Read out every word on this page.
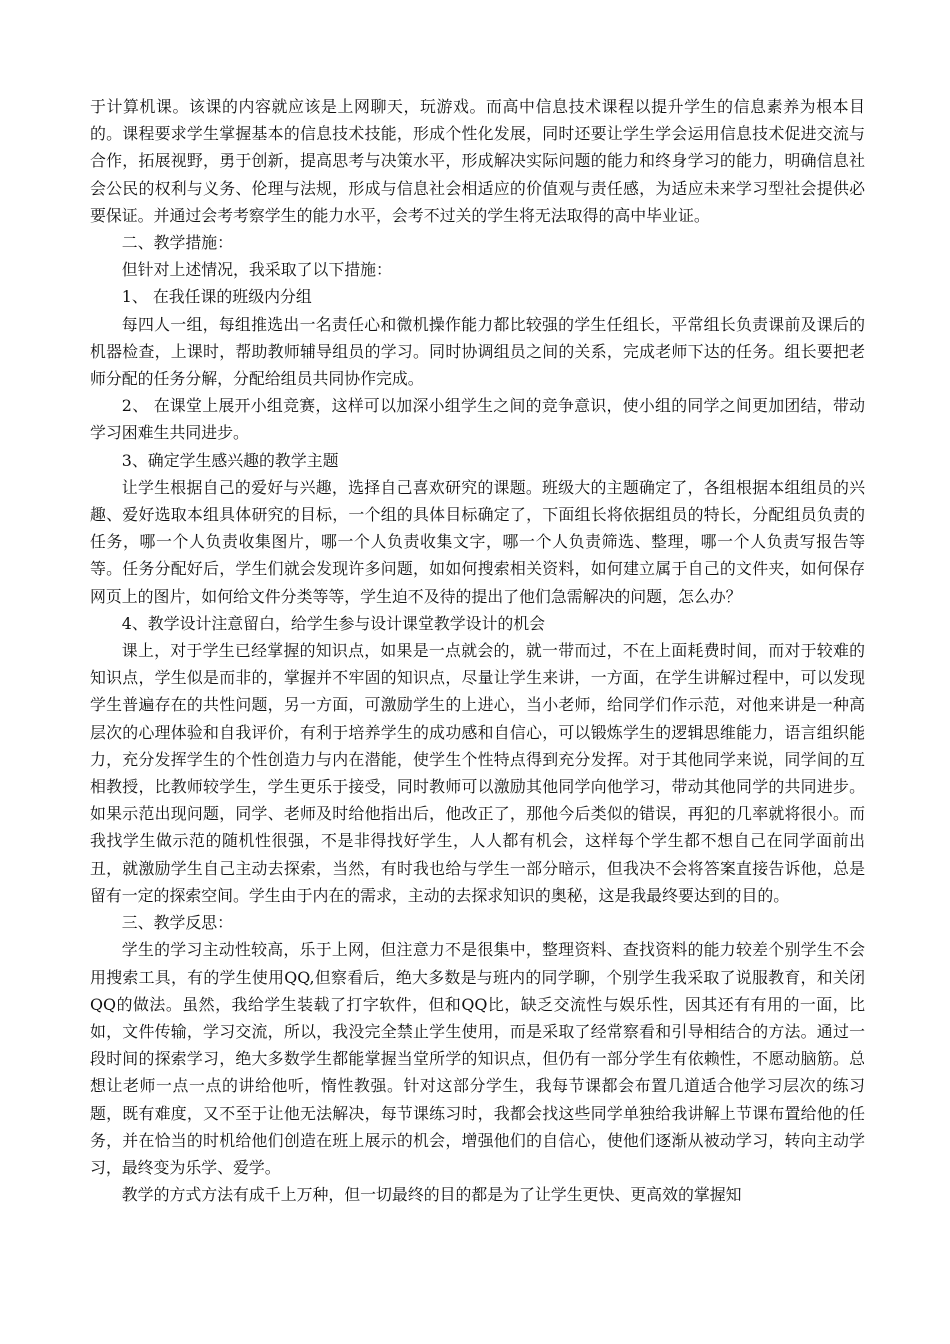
于计算机课。该课的内容就应该是上网聊天，玩游戏。而高中信息技术课程以提升学生的信息素养为根本目的。课程要求学生掌握基本的信息技术技能，形成个性化发展，同时还要让学生学会运用信息技术促进交流与合作，拓展视野，勇于创新，提高思考与决策水平，形成解决实际问题的能力和终身学习的能力，明确信息社会公民的权利与义务、伦理与法规，形成与信息社会相适应的价值观与责任感，为适应未来学习型社会提供必要保证。并通过会考考察学生的能力水平，会考不过关的学生将无法取得的高中毕业证。

二、教学措施：

但针对上述情况，我采取了以下措施：

1、 在我任课的班级内分组

每四人一组，每组推选出一名责任心和微机操作能力都比较强的学生任组长，平常组长负责课前及课后的机器检查，上课时，帮助教师辅导组员的学习。同时协调组员之间的关系，完成老师下达的任务。组长要把老师分配的任务分解，分配给组员共同协作完成。

2、 在课堂上展开小组竞赛，这样可以加深小组学生之间的竞争意识，使小组的同学之间更加团结，带动学习困难生共同进步。

3、确定学生感兴趣的教学主题

让学生根据自己的爱好与兴趣，选择自己喜欢研究的课题。班级大的主题确定了，各组根据本组组员的兴趣、爱好选取本组具体研究的目标，一个组的具体目标确定了，下面组长将依据组员的特长，分配组员负责的任务，哪一个人负责收集图片，哪一个人负责收集文字，哪一个人负责筛选、整理，哪一个人负责写报告等等。任务分配好后，学生们就会发现许多问题，如如何搜索相关资料，如何建立属于自己的文件夹，如何保存网页上的图片，如何给文件分类等等，学生迫不及待的提出了他们急需解决的问题，怎么办？

4、教学设计注意留白，给学生参与设计课堂教学设计的机会

课上，对于学生已经掌握的知识点，如果是一点就会的，就一带而过，不在上面耗费时间，而对于较难的知识点，学生似是而非的，掌握并不牢固的知识点，尽量让学生来讲，一方面，在学生讲解过程中，可以发现学生普遍存在的共性问题，另一方面，可激励学生的上进心，当小老师，给同学们作示范，对他来讲是一种高层次的心理体验和自我评价，有利于培养学生的成功感和自信心，可以锻炼学生的逻辑思维能力，语言组织能力，充分发挥学生的个性创造力与内在潜能，使学生个性特点得到充分发挥。对于其他同学来说，同学间的互相教授，比教师较学生，学生更乐于接受，同时教师可以激励其他同学向他学习，带动其他同学的共同进步。如果示范出现问题，同学、老师及时给他指出后，他改正了，那他今后类似的错误，再犯的几率就将很小。而我找学生做示范的随机性很强，不是非得找好学生，人人都有机会，这样每个学生都不想自己在同学面前出丑，就激励学生自己主动去探索，当然，有时我也给与学生一部分暗示，但我决不会将答案直接告诉他，总是留有一定的探索空间。学生由于内在的需求，主动的去探求知识的奥秘，这是我最终要达到的目的。

三、教学反思：

学生的学习主动性较高，乐于上网，但注意力不是很集中，整理资料、查找资料的能力较差个别学生不会用搜索工具，有的学生使用QQ,但察看后，绝大多数是与班内的同学聊，个别学生我采取了说服教育，和关闭QQ的做法。虽然，我给学生装载了打字软件，但和QQ比，缺乏交流性与娱乐性，因其还有有用的一面，比如，文件传输，学习交流，所以，我没完全禁止学生使用，而是采取了经常察看和引导相结合的方法。通过一段时间的探索学习，绝大多数学生都能掌握当堂所学的知识点，但仍有一部分学生有依赖性，不愿动脑筋。总想让老师一点一点的讲给他听，惰性教强。针对这部分学生，我每节课都会布置几道适合他学习层次的练习题，既有难度，又不至于让他无法解决，每节课练习时，我都会找这些同学单独给我讲解上节课布置给他的任务，并在恰当的时机给他们创造在班上展示的机会，增强他们的自信心，使他们逐渐从被动学习，转向主动学习，最终变为乐学、爱学。

教学的方式方法有成千上万种，但一切最终的目的都是为了让学生更快、更高效的掌握知
